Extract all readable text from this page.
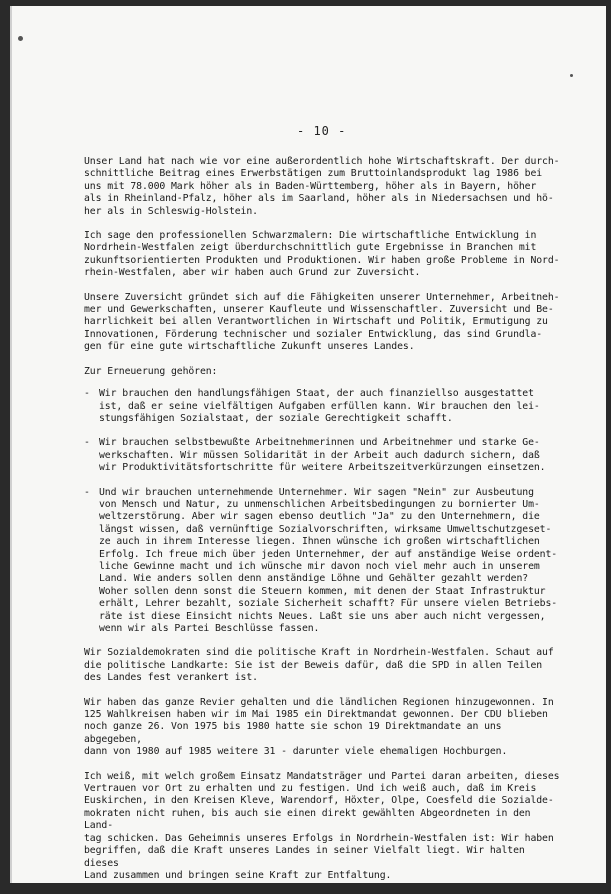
- 10 -

Unser Land hat nach wie vor eine außerordentlich hohe Wirtschaftskraft. Der durch-
schnittliche Beitrag eines Erwerbstätigen zum Bruttoinlandsprodukt lag 1986 bei
uns mit 78.000 Mark höher als in Baden-Württemberg, höher als in Bayern, höher
als in Rheinland-Pfalz, höher als im Saarland, höher als in Niedersachsen und hö-
her als in Schleswig-Holstein.

Ich sage den professionellen Schwarzmalern: Die wirtschaftliche Entwicklung in
Nordrhein-Westfalen zeigt überdurchschnittlich gute Ergebnisse in Branchen mit
zukunftsorientierten Produkten und Produktionen. Wir haben große Probleme in Nord-
rhein-Westfalen, aber wir haben auch Grund zur Zuversicht.

Unsere Zuversicht gründet sich auf die Fähigkeiten unserer Unternehmer, Arbeitneh-
mer und Gewerkschaften, unserer Kaufleute und Wissenschaftler. Zuversicht und Be-
harrlichkeit bei allen Verantwortlichen in Wirtschaft und Politik, Ermutigung zu
Innovationen, Förderung technischer und sozialer Entwicklung, das sind Grundla-
gen für eine gute wirtschaftliche Zukunft unseres Landes.

Zur Erneuerung gehören:

- Wir brauchen den handlungsfähigen Staat, der auch finanziellso ausgestattet
ist, daß er seine vielfältigen Aufgaben erfüllen kann. Wir brauchen den lei-
stungsfähigen Sozialstaat, der soziale Gerechtigkeit schafft.
- Wir brauchen selbstbewußte Arbeitnehmerinnen und Arbeitnehmer und starke Ge-
werkschaften. Wir müssen Solidarität in der Arbeit auch dadurch sichern, daß
wir Produktivitätsfortschritte für weitere Arbeitszeitverkürzungen einsetzen.
- Und wir brauchen unternehmende Unternehmer. Wir sagen "Nein" zur Ausbeutung
von Mensch und Natur, zu unmenschlichen Arbeitsbedingungen zu bornierter Um-
weltzerstörung. Aber wir sagen ebenso deutlich "Ja" zu den Unternehmern, die
längst wissen, daß vernünftige Sozialvorschriften, wirksame Umweltschutzgeset-
ze auch in ihrem Interesse liegen. Ihnen wünsche ich großen wirtschaftlichen
Erfolg. Ich freue mich über jeden Unternehmer, der auf anständige Weise ordent-
liche Gewinne macht und ich wünsche mir davon noch viel mehr auch in unserem
Land. Wie anders sollen denn anständige Löhne und Gehälter gezahlt werden?
Woher sollen denn sonst die Steuern kommen, mit denen der Staat Infrastruktur
erhält, Lehrer bezahlt, soziale Sicherheit schafft? Für unsere vielen Betriebs-
räte ist diese Einsicht nichts Neues. Laßt sie uns aber auch nicht vergessen,
wenn wir als Partei Beschlüsse fassen.

Wir Sozialdemokraten sind die politische Kraft in Nordrhein-Westfalen. Schaut auf
die politische Landkarte: Sie ist der Beweis dafür, daß die SPD in allen Teilen
des Landes fest verankert ist.

Wir haben das ganze Revier gehalten und die ländlichen Regionen hinzugewonnen. In
125 Wahlkreisen haben wir im Mai 1985 ein Direktmandat gewonnen. Der CDU blieben
noch ganze 26. Von 1975 bis 1980 hatte sie schon 19 Direktmandate an uns abgegeben,
dann von 1980 auf 1985 weitere 31 - darunter viele ehemaligen Hochburgen.

Ich weiß, mit welch großem Einsatz Mandatsträger und Partei daran arbeiten, dieses
Vertrauen vor Ort zu erhalten und zu festigen. Und ich weiß auch, daß im Kreis
Euskirchen, in den Kreisen Kleve, Warendorf, Höxter, Olpe, Coesfeld die Sozialde-
mokraten nicht ruhen, bis auch sie einen direkt gewählten Abgeordneten in den Land-
tag schicken. Das Geheimnis unseres Erfolgs in Nordrhein-Westfalen ist: Wir haben
begriffen, daß die Kraft unseres Landes in seiner Vielfalt liegt. Wir halten dieses
Land zusammen und bringen seine Kraft zur Entfaltung.
